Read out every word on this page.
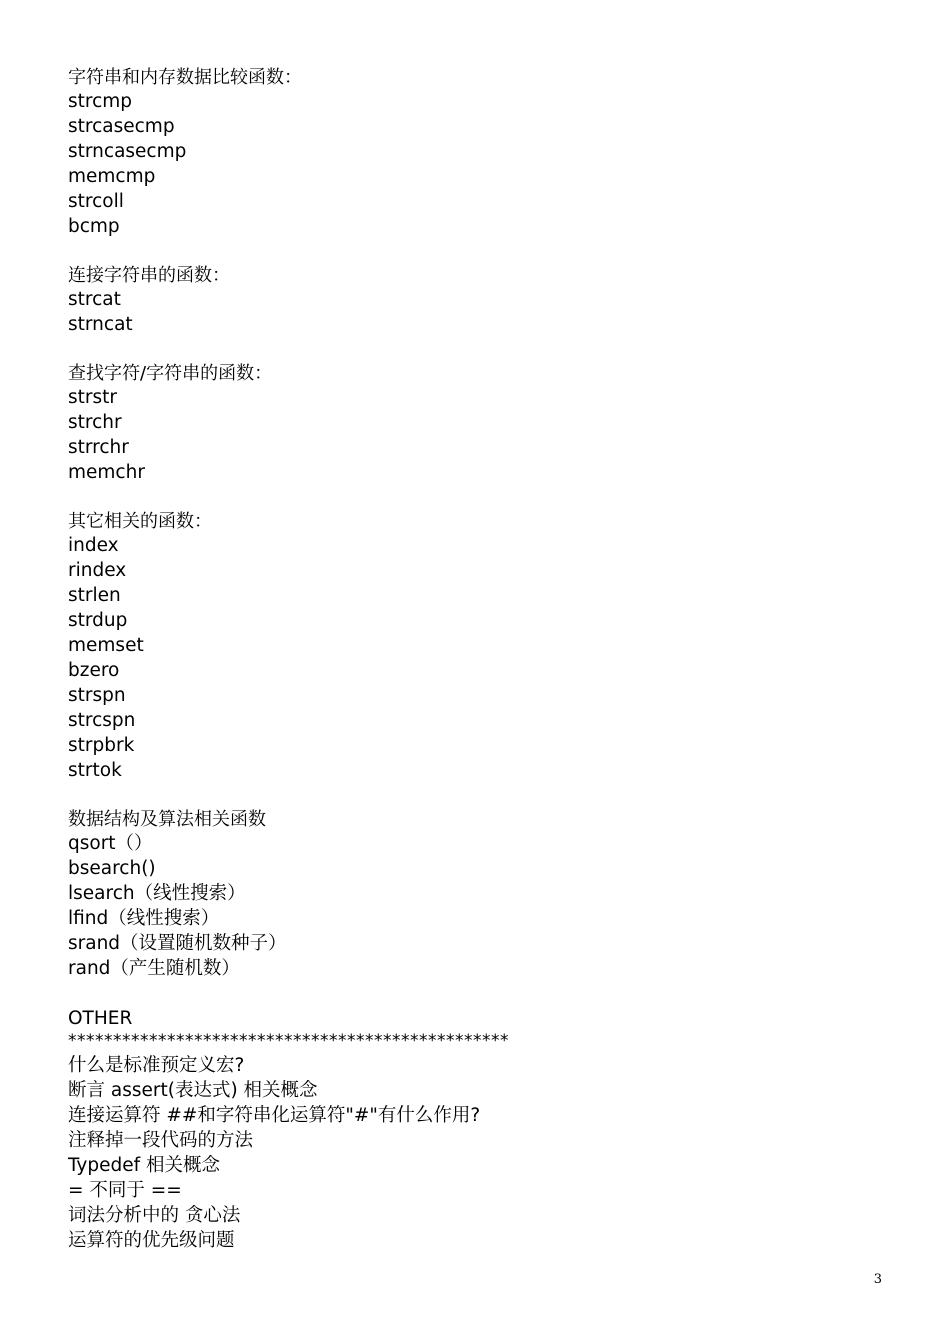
字符串和内存数据比较函数：
strcmp
strcasecmp
strncasecmp
memcmp
strcoll
bcmp
连接字符串的函数：
strcat
strncat
查找字符/字符串的函数：
strstr
strchr
strrchr
memchr
其它相关的函数：
index
rindex
strlen
strdup
memset
bzero
strspn
strcspn
strpbrk
strtok
数据结构及算法相关函数
qsort（）
bsearch()
lsearch（线性搜索）
lfind（线性搜索）
srand（设置随机数种子）
rand（产生随机数）
OTHER
*************************************************
什么是标准预定义宏?
断言 assert(表达式) 相关概念
连接运算符 ##和字符串化运算符"#"有什么作用?
注释掉一段代码的方法
Typedef 相关概念
= 不同于 ==
词法分析中的 贪心法
运算符的优先级问题
3
